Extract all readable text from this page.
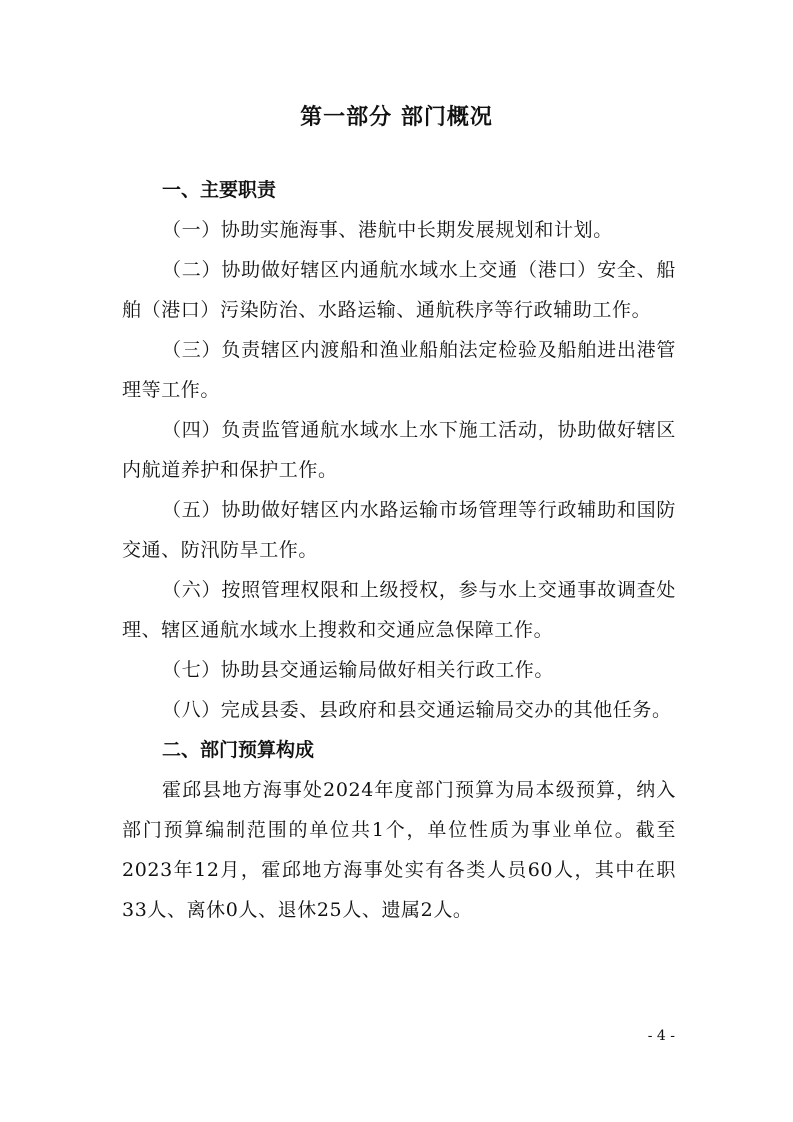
第一部分 部门概况
一、主要职责

（一）协助实施海事、港航中长期发展规划和计划。

（二）协助做好辖区内通航水域水上交通（港口）安全、船舶（港口）污染防治、水路运输、通航秩序等行政辅助工作。

（三）负责辖区内渡船和渔业船舶法定检验及船舶进出港管理等工作。

（四）负责监管通航水域水上水下施工活动，协助做好辖区内航道养护和保护工作。

（五）协助做好辖区内水路运输市场管理等行政辅助和国防交通、防汛防旱工作。

（六）按照管理权限和上级授权，参与水上交通事故调查处理、辖区通航水域水上搜救和交通应急保障工作。

（七）协助县交通运输局做好相关行政工作。

（八）完成县委、县政府和县交通运输局交办的其他任务。

二、部门预算构成

霍邱县地方海事处2024年度部门预算为局本级预算，纳入部门预算编制范围的单位共1个，单位性质为事业单位。截至2023年12月，霍邱地方海事处实有各类人员60人，其中在职33人、离休0人、退休25人、遗属2人。

- 4 -
